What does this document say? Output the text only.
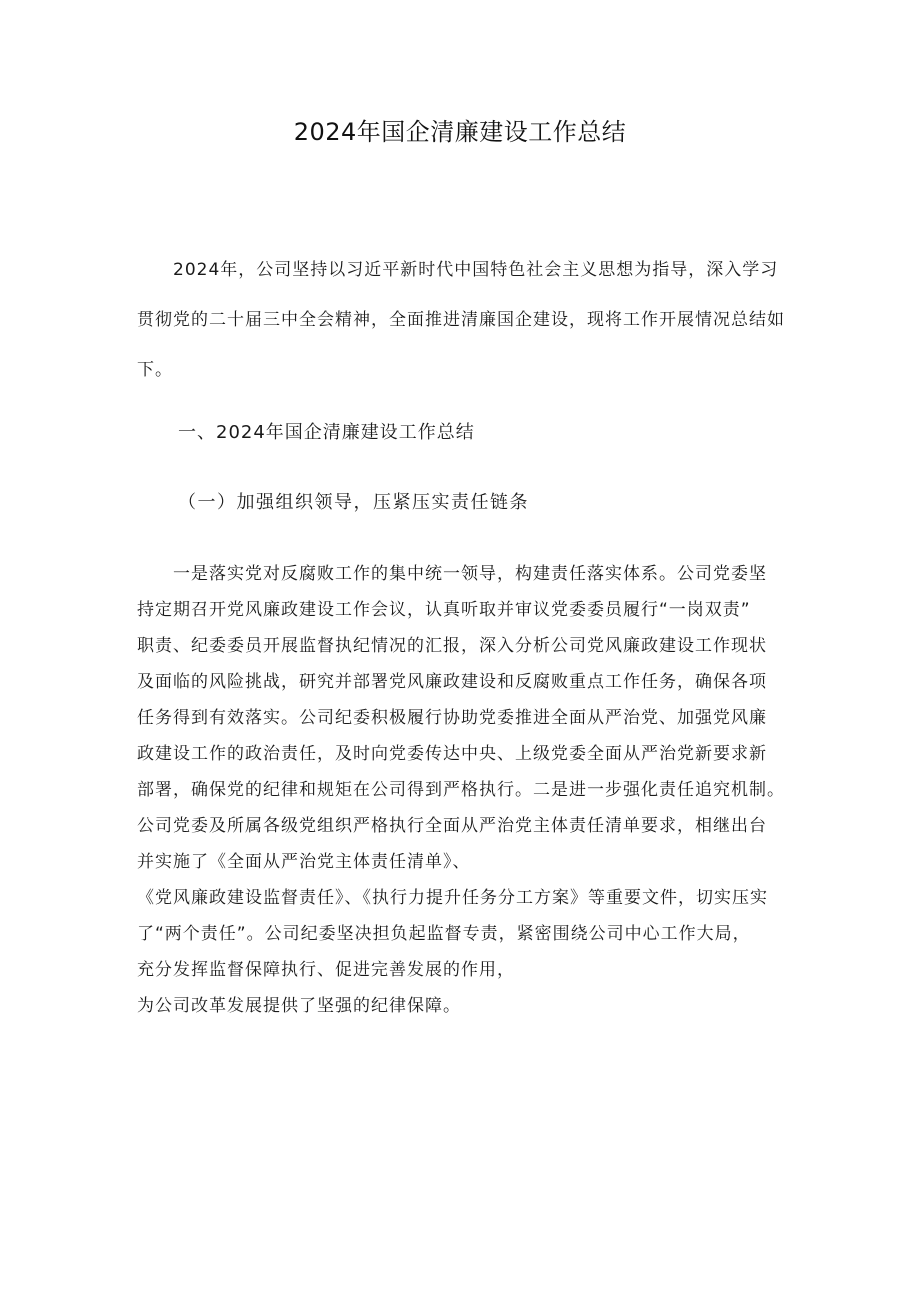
2024年国企清廉建设工作总结
　　2024年，公司坚持以习近平新时代中国特色社会主义思想为指导，深入学习
贯彻党的二十届三中全会精神，全面推进清廉国企建设，现将工作开展情况总结如
下。
一、2024年国企清廉建设工作总结
（一）加强组织领导，压紧压实责任链条
　　一是落实党对反腐败工作的集中统一领导，构建责任落实体系。公司党委坚
持定期召开党风廉政建设工作会议，认真听取并审议党委委员履行“一岗双责”
职责、纪委委员开展监督执纪情况的汇报，深入分析公司党风廉政建设工作现状
及面临的风险挑战，研究并部署党风廉政建设和反腐败重点工作任务，确保各项
任务得到有效落实。公司纪委积极履行协助党委推进全面从严治党、加强党风廉
政建设工作的政治责任，及时向党委传达中央、上级党委全面从严治党新要求新
部署，确保党的纪律和规矩在公司得到严格执行。二是进一步强化责任追究机制。
公司党委及所属各级党组织严格执行全面从严治党主体责任清单要求，相继出台
并实施了《全面从严治党主体责任清单》、
《党风廉政建设监督责任》、《执行力提升任务分工方案》等重要文件，切实压实
了“两个责任”。公司纪委坚决担负起监督专责，紧密围绕公司中心工作大局，
充分发挥监督保障执行、促进完善发展的作用，
为公司改革发展提供了坚强的纪律保障。
